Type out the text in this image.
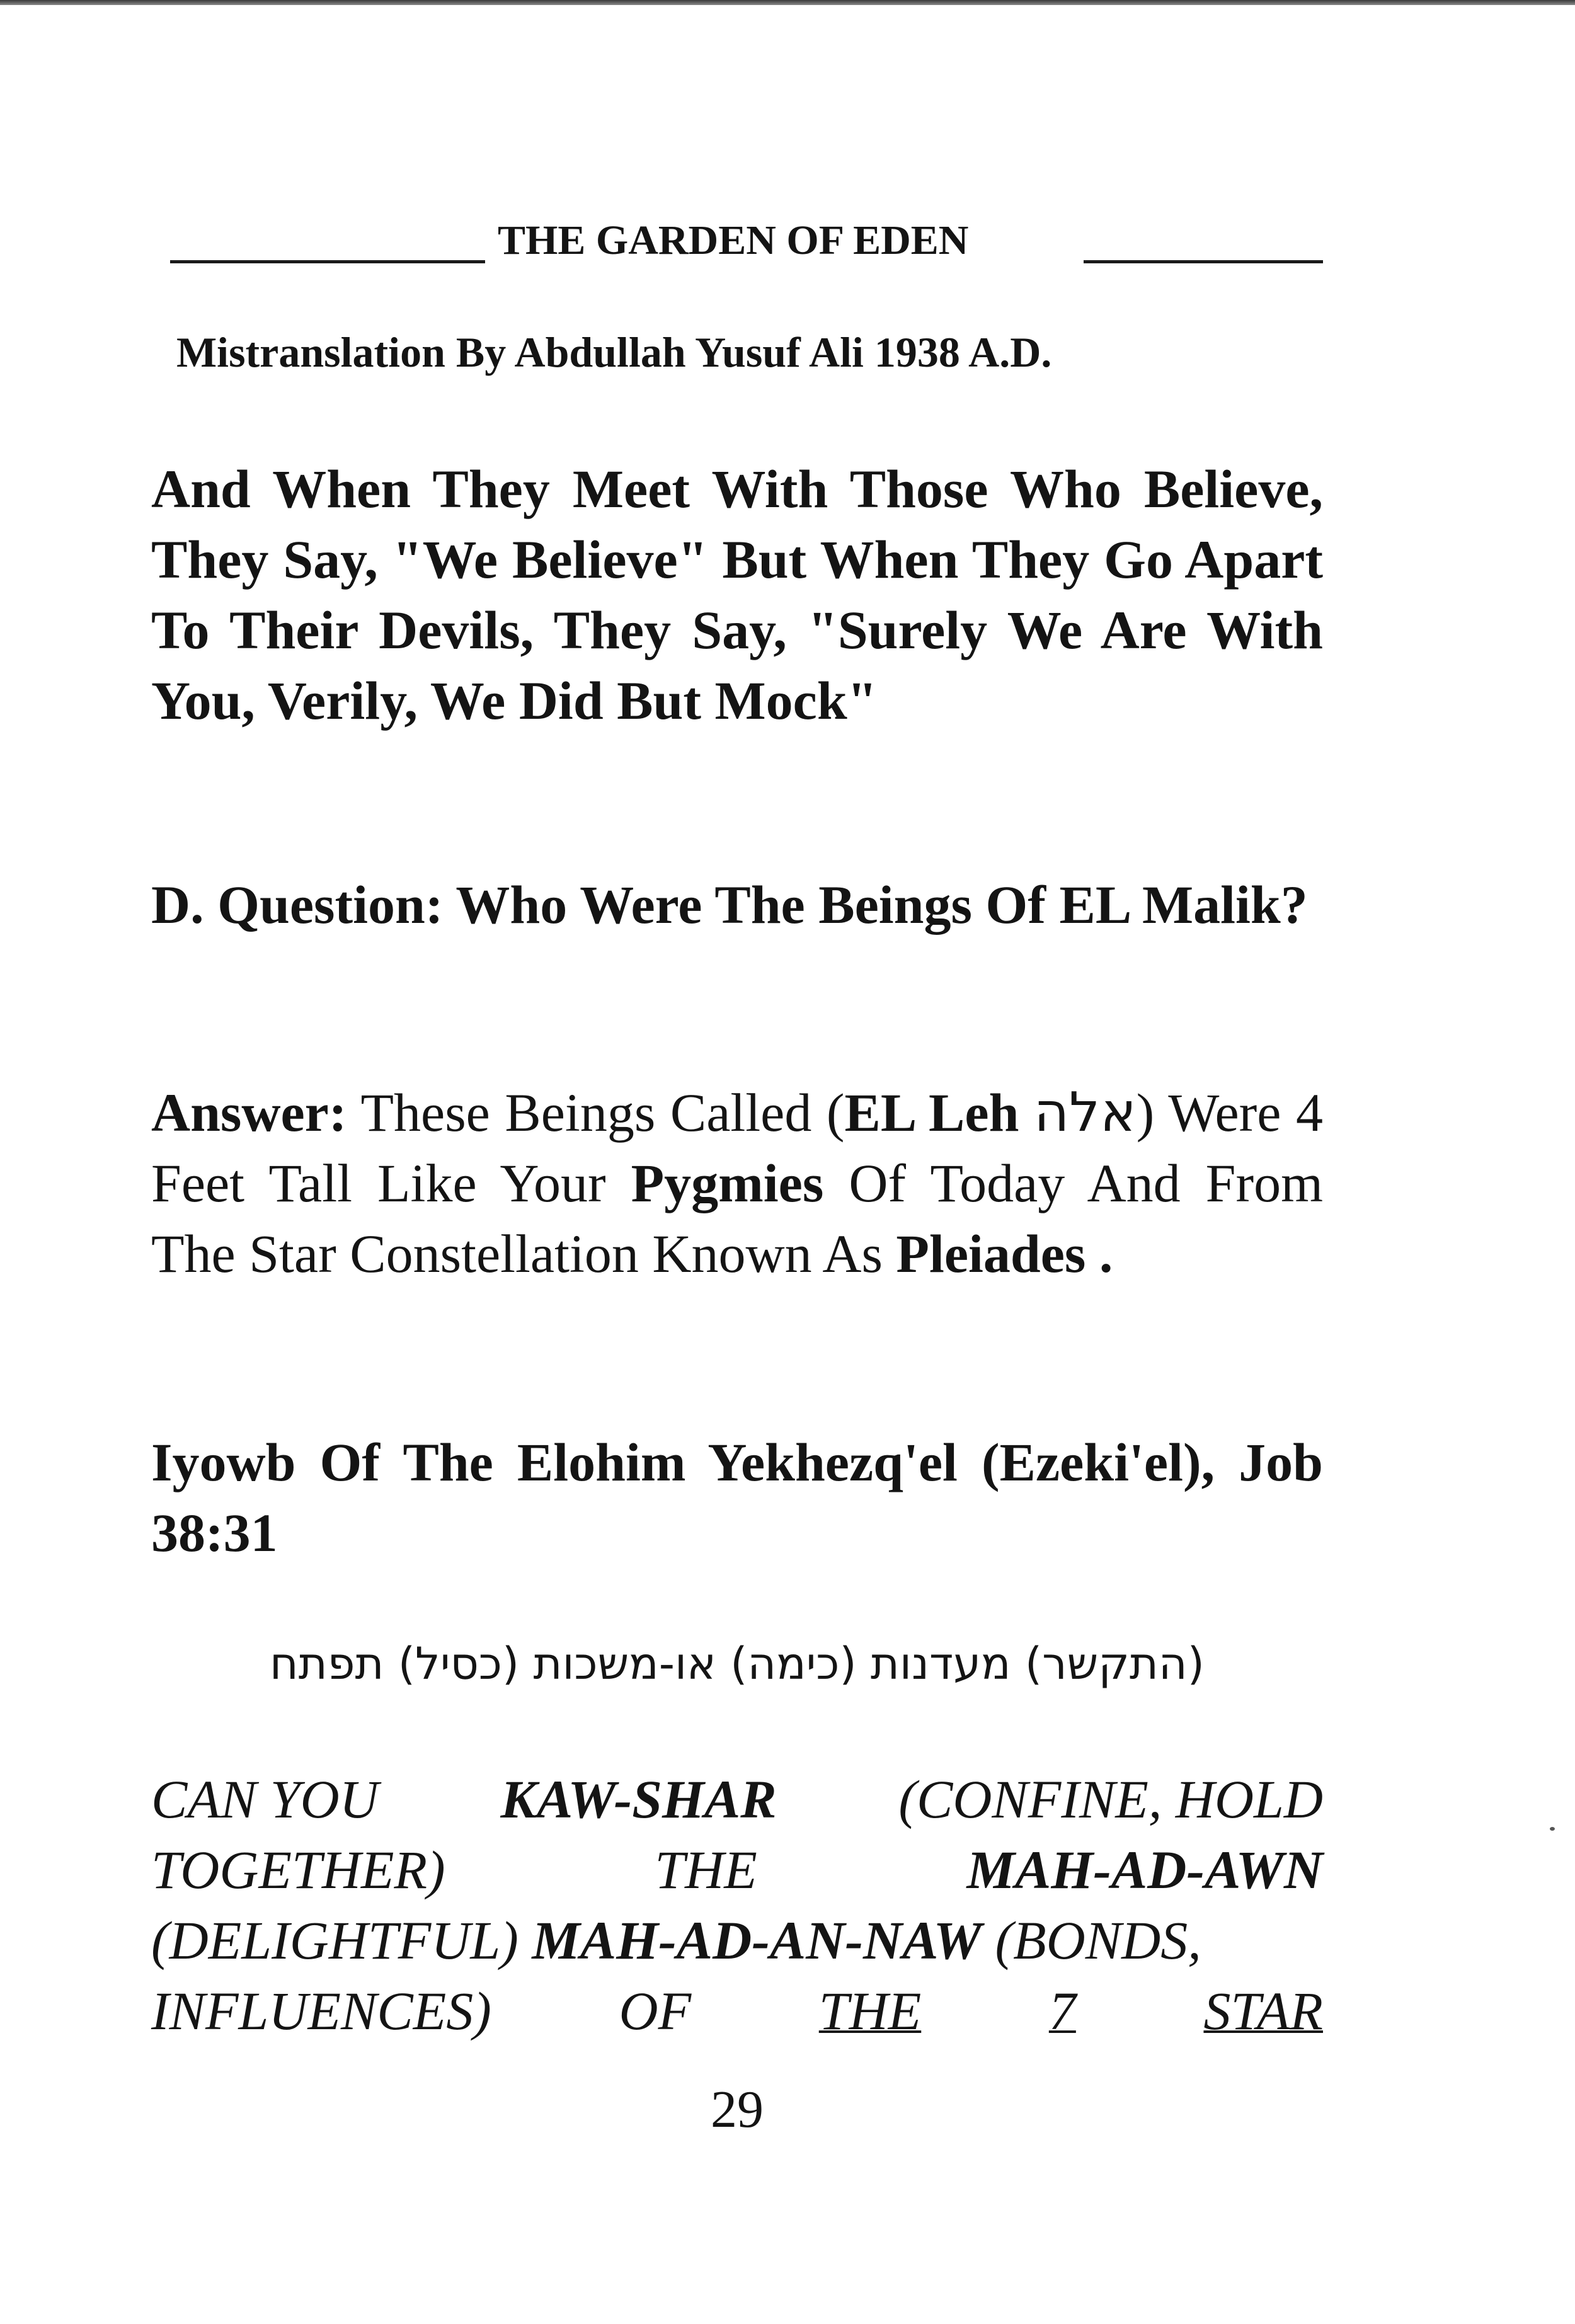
THE GARDEN OF EDEN
Mistranslation By Abdullah Yusuf Ali 1938 A.D.

And When They Meet With Those Who Believe, They Say, "We Believe" But When They Go Apart To Their Devils, They Say, "Surely We Are With You, Verily, We Did But Mock"

D. Question: Who Were The Beings Of EL Malik?

Answer: These Beings Called (EL Leh אלה) Were 4 Feet Tall Like Your Pygmies Of Today And From The Star Constellation Known As Pleiades .

Iyowb Of The Elohim Yekhezq'el (Ezeki'el), Job 38:31

(התקשר) מעדנות (כימה) או-משכות (כסיל) תפתח
CAN YOU KAW-SHAR (CONFINE, HOLD
TOGETHER)	THE	MAH-AD-AWN
(DELIGHTFUL) MAH-AD-AN-NAW (BONDS,
INFLUENCES) OF THE 7 STAR
29
